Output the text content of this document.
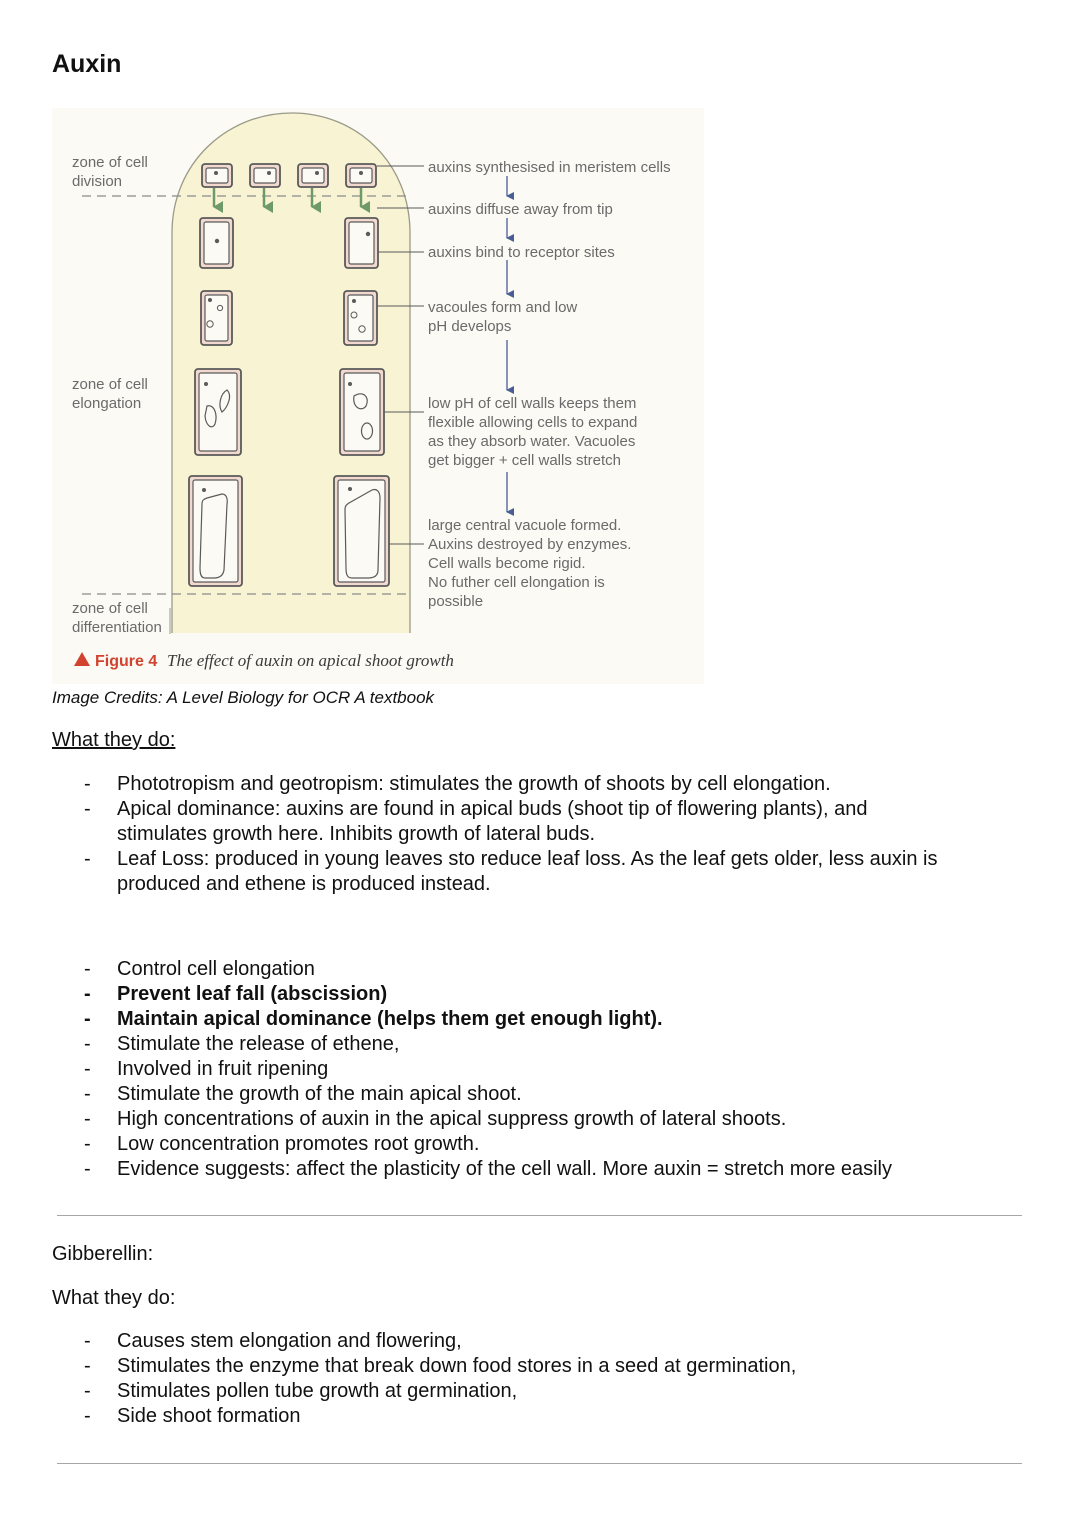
Auxin
zone of cell
division
zone of cell
elongation
zone of cell
differentiation
auxins synthesised in meristem cells
auxins diffuse away from tip
auxins bind to receptor sites
vacoules form and low
pH develops
low pH of cell walls keeps them
flexible allowing cells to expand
as they absorb water. Vacuoles
get bigger + cell walls stretch
large central vacuole formed.
Auxins destroyed by enzymes.
Cell walls become rigid.
No futher cell elongation is
possible
Figure 4 The effect of auxin on apical shoot growth
Image Credits: A Level Biology for OCR A textbook
What they do:
- Phototropism and geotropism: stimulates the growth of shoots by cell elongation.
- Apical dominance: auxins are found in apical buds (shoot tip of flowering plants), and
stimulates growth here. Inhibits growth of lateral buds.
- Leaf Loss: produced in young leaves sto reduce leaf loss. As the leaf gets older, less auxin is
produced and ethene is produced instead.
- Control cell elongation
- Prevent leaf fall (abscission)
- Maintain apical dominance (helps them get enough light).
- Stimulate the release of ethene,
- Involved in fruit ripening
- Stimulate the growth of the main apical shoot.
- High concentrations of auxin in the apical suppress growth of lateral shoots.
- Low concentration promotes root growth.
- Evidence suggests: affect the plasticity of the cell wall. More auxin = stretch more easily
Gibberellin:
What they do:
- Causes stem elongation and flowering,
- Stimulates the enzyme that break down food stores in a seed at germination,
- Stimulates pollen tube growth at germination,
- Side shoot formation
